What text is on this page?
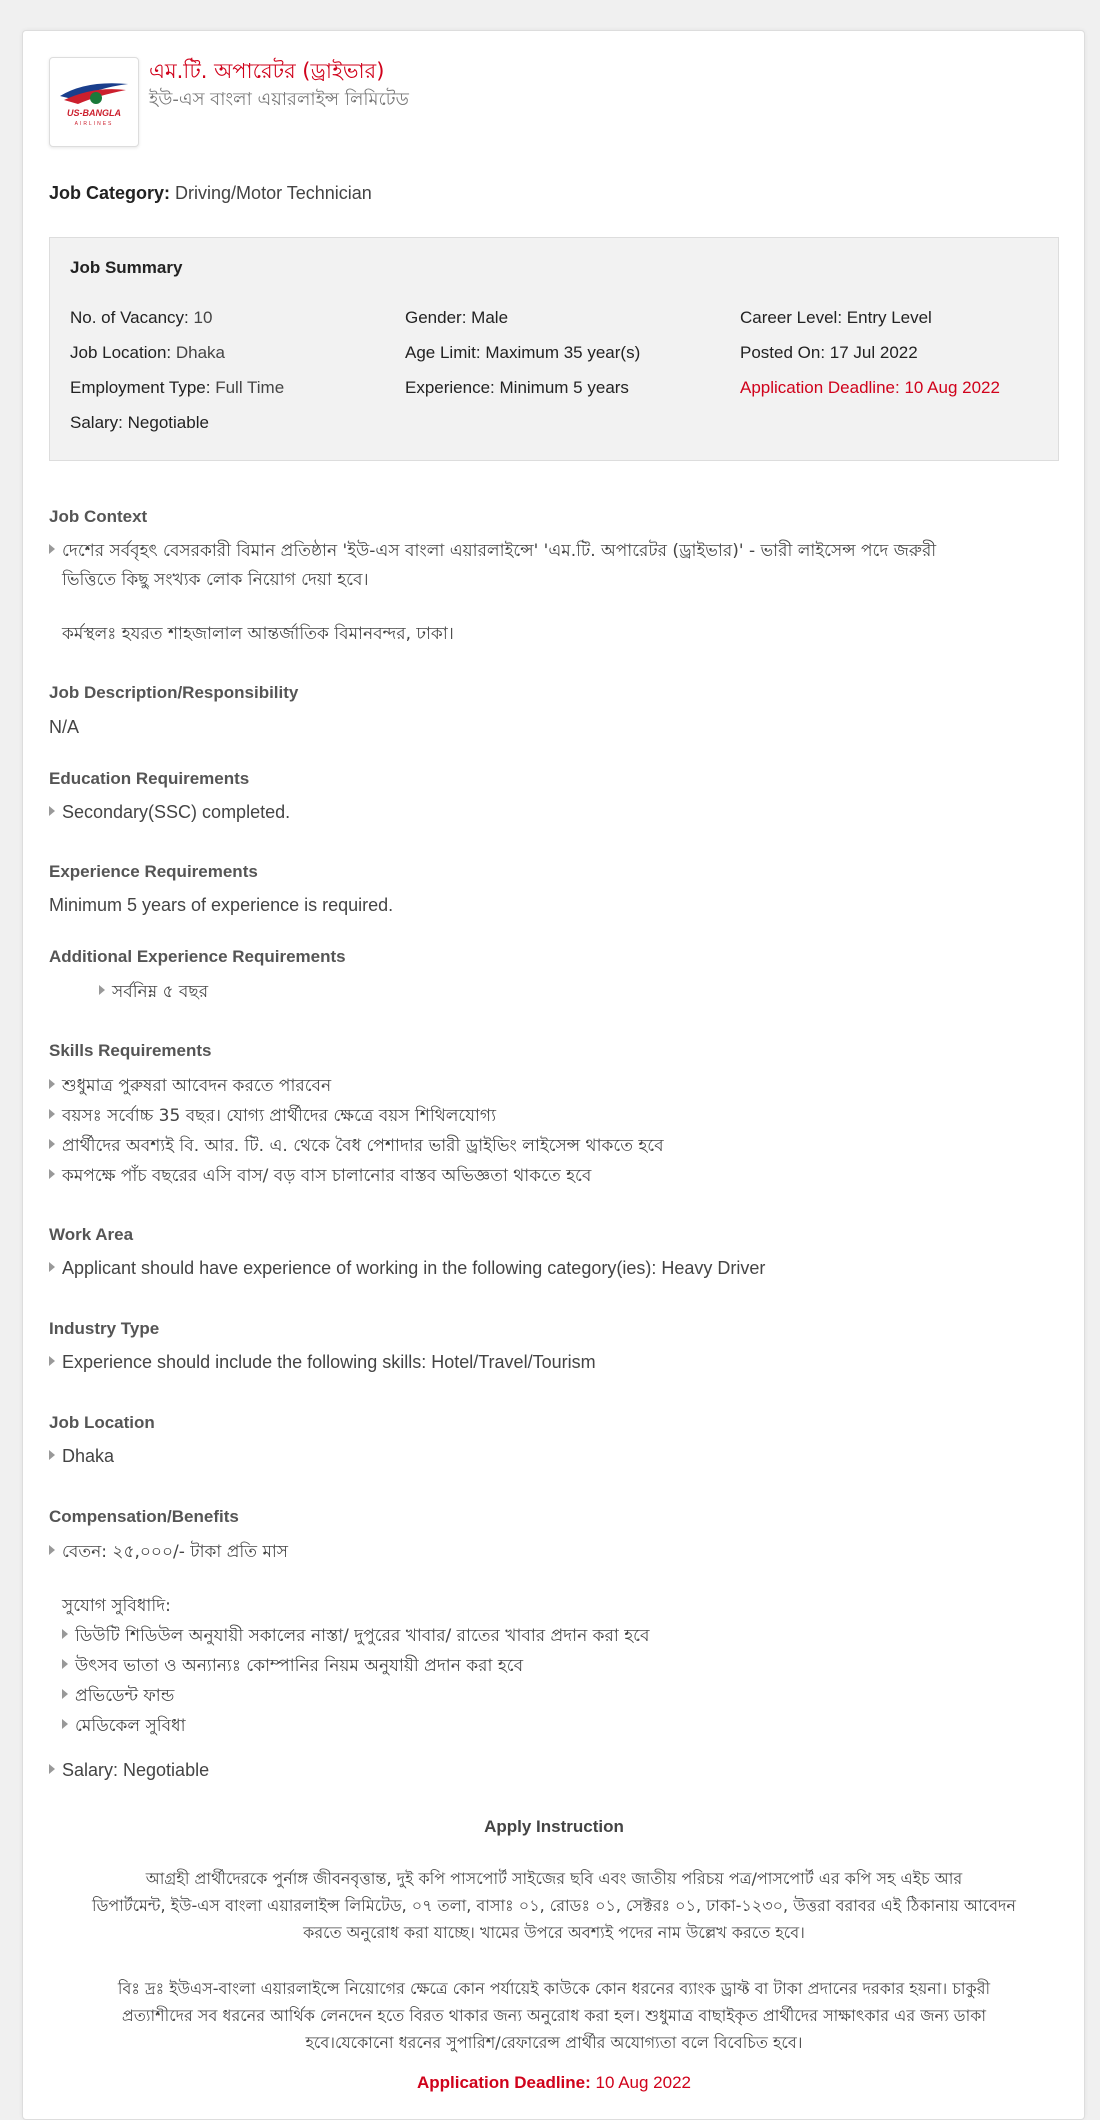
US-BANGLA
AIRLINES
এম.টি. অপারেটর (ড্রাইভার)
ইউ-এস বাংলা এয়ারলাইন্স লিমিটেড
Job Category: Driving/Motor Technician
Job Summary
No. of Vacancy: 10
Job Location: Dhaka
Employment Type: Full Time
Salary: Negotiable
Gender: Male
Age Limit: Maximum 35 year(s)
Experience: Minimum 5 years
Career Level: Entry Level
Posted On: 17 Jul 2022
Application Deadline: 10 Aug 2022
Job Context
দেশের সর্ববৃহৎ বেসরকারী বিমান প্রতিষ্ঠান 'ইউ-এস বাংলা এয়ারলাইন্সে' 'এম.টি. অপারেটর (ড্রাইভার)' - ভারী লাইসেন্স পদে জরুরী
ভিত্তিতে কিছু সংখ্যক লোক নিয়োগ দেয়া হবে।
কর্মস্থলঃ হযরত শাহজালাল আন্তর্জাতিক বিমানবন্দর, ঢাকা।
Job Description/Responsibility
N/A
Education Requirements
Secondary(SSC) completed.
Experience Requirements
Minimum 5 years of experience is required.
Additional Experience Requirements
সর্বনিম্ন ৫ বছর
Skills Requirements
শুধুমাত্র পুরুষরা আবেদন করতে পারবেন
বয়সঃ সর্বোচ্চ 35 বছর। যোগ্য প্রার্থীদের ক্ষেত্রে বয়স শিথিলযোগ্য
প্রার্থীদের অবশ্যই বি. আর. টি. এ. থেকে বৈধ পেশাদার ভারী ড্রাইভিং লাইসেন্স থাকতে হবে
কমপক্ষে পাঁচ বছরের এসি বাস/ বড় বাস চালানোর বাস্তব অভিজ্ঞতা থাকতে হবে
Work Area
Applicant should have experience of working in the following category(ies): Heavy Driver
Industry Type
Experience should include the following skills: Hotel/Travel/Tourism
Job Location
Dhaka
Compensation/Benefits
বেতন: ২৫,০০০/- টাকা প্রতি মাস
সুযোগ সুবিধাদি:
ডিউটি শিডিউল অনুযায়ী সকালের নাস্তা/ দুপুরের খাবার/ রাতের খাবার প্রদান করা হবে
উৎসব ভাতা ও অন্যান্যঃ কোম্পানির নিয়ম অনুযায়ী প্রদান করা হবে
প্রভিডেন্ট ফান্ড
মেডিকেল সুবিধা
Salary: Negotiable
Apply Instruction
আগ্রহী প্রার্থীদেরকে পুর্নাঙ্গ জীবনবৃত্তান্ত, দুই কপি পাসপোর্ট সাইজের ছবি এবং জাতীয় পরিচয় পত্র/পাসপোর্ট এর কপি সহ এইচ আর
ডিপার্টমেন্ট, ইউ-এস বাংলা এয়ারলাইন্স লিমিটেড, ০৭ তলা, বাসাঃ ০১, রোডঃ ০১, সেক্টরঃ ০১, ঢাকা-১২৩০, উত্তরা বরাবর এই ঠিকানায় আবেদন
করতে অনুরোধ করা যাচ্ছে। খামের উপরে অবশ্যই পদের নাম উল্লেখ করতে হবে।
বিঃ দ্রঃ ইউএস-বাংলা এয়ারলাইন্সে নিয়োগের ক্ষেত্রে কোন পর্যায়েই কাউকে কোন ধরনের ব্যাংক ড্রাফ্ট বা টাকা প্রদানের দরকার হয়না। চাকুরী
প্রত্যাশীদের সব ধরনের আর্থিক লেনদেন হতে বিরত থাকার জন্য অনুরোধ করা হল। শুধুমাত্র বাছাইকৃত প্রার্থীদের সাক্ষাৎকার এর জন্য ডাকা
হবে।যেকোনো ধরনের সুপারিশ/রেফারেন্স প্রার্থীর অযোগ্যতা বলে বিবেচিত হবে।
Application Deadline: 10 Aug 2022
